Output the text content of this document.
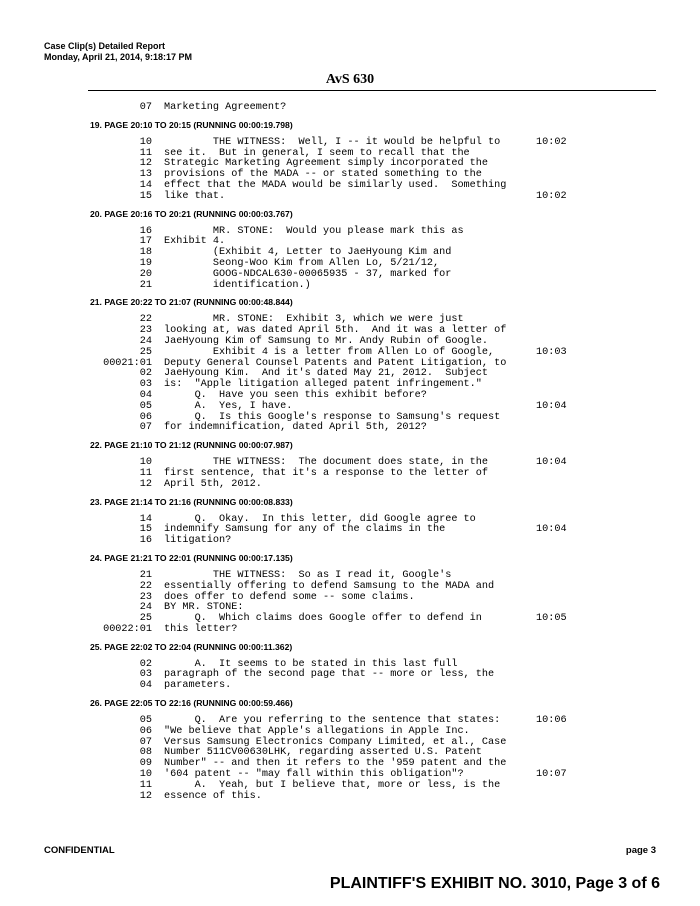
Case Clip(s) Detailed Report
Monday, April 21, 2014, 9:18:17 PM
AvS 630
07 Marketing Agreement?
19. PAGE 20:10 TO 20:15 (RUNNING 00:00:19.798)
10 THE WITNESS:  Well, I -- it would be helpful to	10:02
11 see it.  But in general, I seem to recall that the
12 Strategic Marketing Agreement simply incorporated the
13 provisions of the MADA -- or stated something to the
14 effect that the MADA would be similarly used.  Something
15 like that.	10:02
20. PAGE 20:16 TO 20:21 (RUNNING 00:00:03.767)
16 MR. STONE:  Would you please mark this as
17 Exhibit 4.
18 (Exhibit 4, Letter to JaeHyoung Kim and
19 Seong-Woo Kim from Allen Lo, 5/21/12,
20 GOOG-NDCAL630-00065935 - 37, marked for
21 identification.)
21. PAGE 20:22 TO 21:07 (RUNNING 00:00:48.844)
22 MR. STONE:  Exhibit 3, which we were just
23 looking at, was dated April 5th.  And it was a letter of
24 JaeHyoung Kim of Samsung to Mr. Andy Rubin of Google.
25 Exhibit 4 is a letter from Allen Lo of Google,	10:03
00021:01 Deputy General Counsel Patents and Patent Litigation, to
02 JaeHyoung Kim.  And it's dated May 21, 2012.  Subject
03 is:  "Apple litigation alleged patent infringement."
04 Q.  Have you seen this exhibit before?
05 A.  Yes, I have.	10:04
06 Q.  Is this Google's response to Samsung's request
07 for indemnification, dated April 5th, 2012?
22. PAGE 21:10 TO 21:12 (RUNNING 00:00:07.987)
10 THE WITNESS:  The document does state, in the	10:04
11 first sentence, that it's a response to the letter of
12 April 5th, 2012.
23. PAGE 21:14 TO 21:16 (RUNNING 00:00:08.833)
14 Q.  Okay.  In this letter, did Google agree to
15 indemnify Samsung for any of the claims in the	10:04
16 litigation?
24. PAGE 21:21 TO 22:01 (RUNNING 00:00:17.135)
21 THE WITNESS:  So as I read it, Google's
22 essentially offering to defend Samsung to the MADA and
23 does offer to defend some -- some claims.
24 BY MR. STONE:
25 Q.  Which claims does Google offer to defend in	10:05
00022:01 this letter?
25. PAGE 22:02 TO 22:04 (RUNNING 00:00:11.362)
02 A.  It seems to be stated in this last full
03 paragraph of the second page that -- more or less, the
04 parameters.
26. PAGE 22:05 TO 22:16 (RUNNING 00:00:59.466)
05 Q.  Are you referring to the sentence that states:	10:06
06 "We believe that Apple's allegations in Apple Inc.
07 Versus Samsung Electronics Company Limited, et al., Case
08 Number 511CV00630LHK, regarding asserted U.S. Patent
09 Number" -- and then it refers to the '959 patent and the
10 '604 patent -- "may fall within this obligation"?	10:07
11 A.  Yeah, but I believe that, more or less, is the
12 essence of this.
CONFIDENTIAL	page 3
PLAINTIFF'S EXHIBIT NO. 3010, Page 3 of 6
